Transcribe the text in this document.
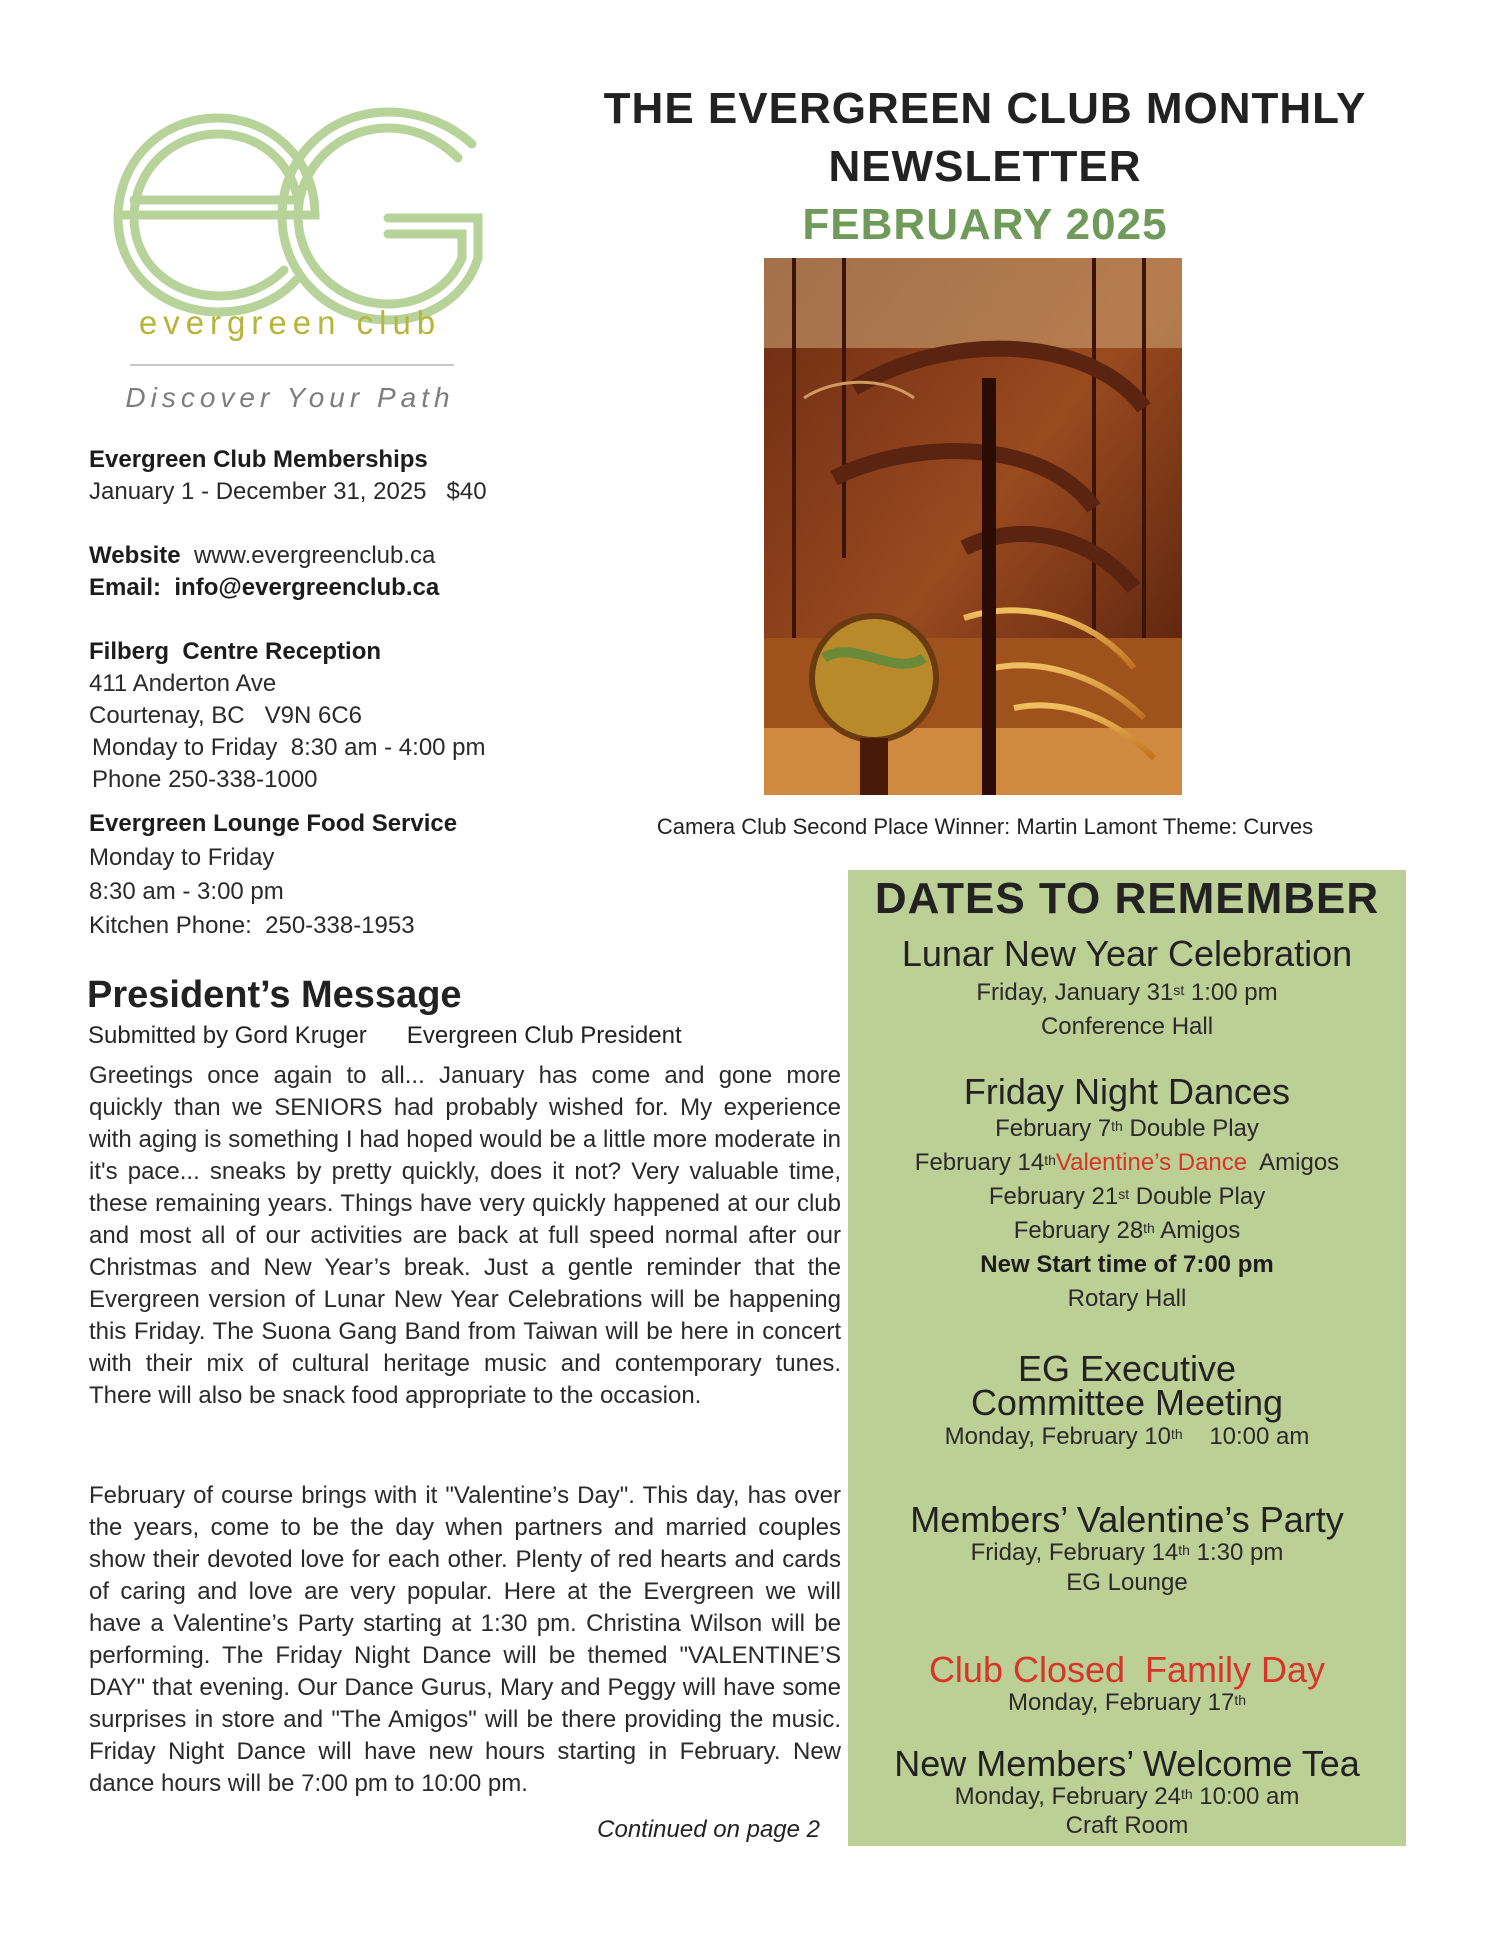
evergreen club
Discover Your Path
THE EVERGREEN CLUB MONTHLY
NEWSLETTER
FEBRUARY 2025
Camera Club Second Place Winner: Martin Lamont Theme: Curves
Evergreen Club Memberships
January 1 - December 31, 2025   $40
Website www.evergreenclub.ca
Email: info@evergreenclub.ca
Filberg  Centre Reception
411 Anderton Ave
Courtenay, BC   V9N 6C6
Monday to Friday  8:30 am - 4:00 pm
Phone 250-338-1000
Evergreen Lounge Food Service
Monday to Friday
8:30 am - 3:00 pm
Kitchen Phone:  250-338-1953
President’s Message
Submitted by Gord Kruger      Evergreen Club President
Greetings once again to all... January has come and gone more quickly than we SENIORS had probably wished for. My experience with aging is something I had hoped would be a little more moderate in it's pace... sneaks by pretty quickly, does it not? Very valuable time, these remaining years. Things have very quickly happened at our club and most all of our activities are back at full speed normal after our Christmas and New Year’s break. Just a gentle reminder that the Evergreen version of Lunar New Year Celebrations will be happening this Friday. The Suona Gang Band from Taiwan will be here in concert with their mix of cultural heritage music and contemporary tunes. There will also be snack food appropriate to the occasion.
February of course brings with it "Valentine’s Day". This day, has over the years, come to be the day when partners and married couples show their devoted love for each other. Plenty of red hearts and cards of caring and love are very popular. Here at the Evergreen we will have a Valentine’s Party starting at 1:30 pm. Christina Wilson will be performing. The Friday Night Dance will be themed "VALENTINE’S DAY" that evening. Our Dance Gurus, Mary and Peggy will have some surprises in store and "The Amigos" will be there providing the music. Friday Night Dance will have new hours starting in February. New dance hours will be 7:00 pm to 10:00 pm.
Continued on page 2
DATES TO REMEMBER
Lunar New Year Celebration
Friday, January 31st 1:00 pm
Conference Hall
Friday Night Dances
February 7th Double Play
February 14thValentine’s Dance  Amigos
February 21st Double Play
February 28th Amigos
New Start time of 7:00 pm
Rotary Hall
EG Executive
Committee Meeting
Monday, February 10th    10:00 am
Members’ Valentine’s Party
Friday, February 14th 1:30 pm
EG Lounge
Club Closed  Family Day
Monday, February 17th
New Members’ Welcome Tea
Monday, February 24th 10:00 am
Craft Room
